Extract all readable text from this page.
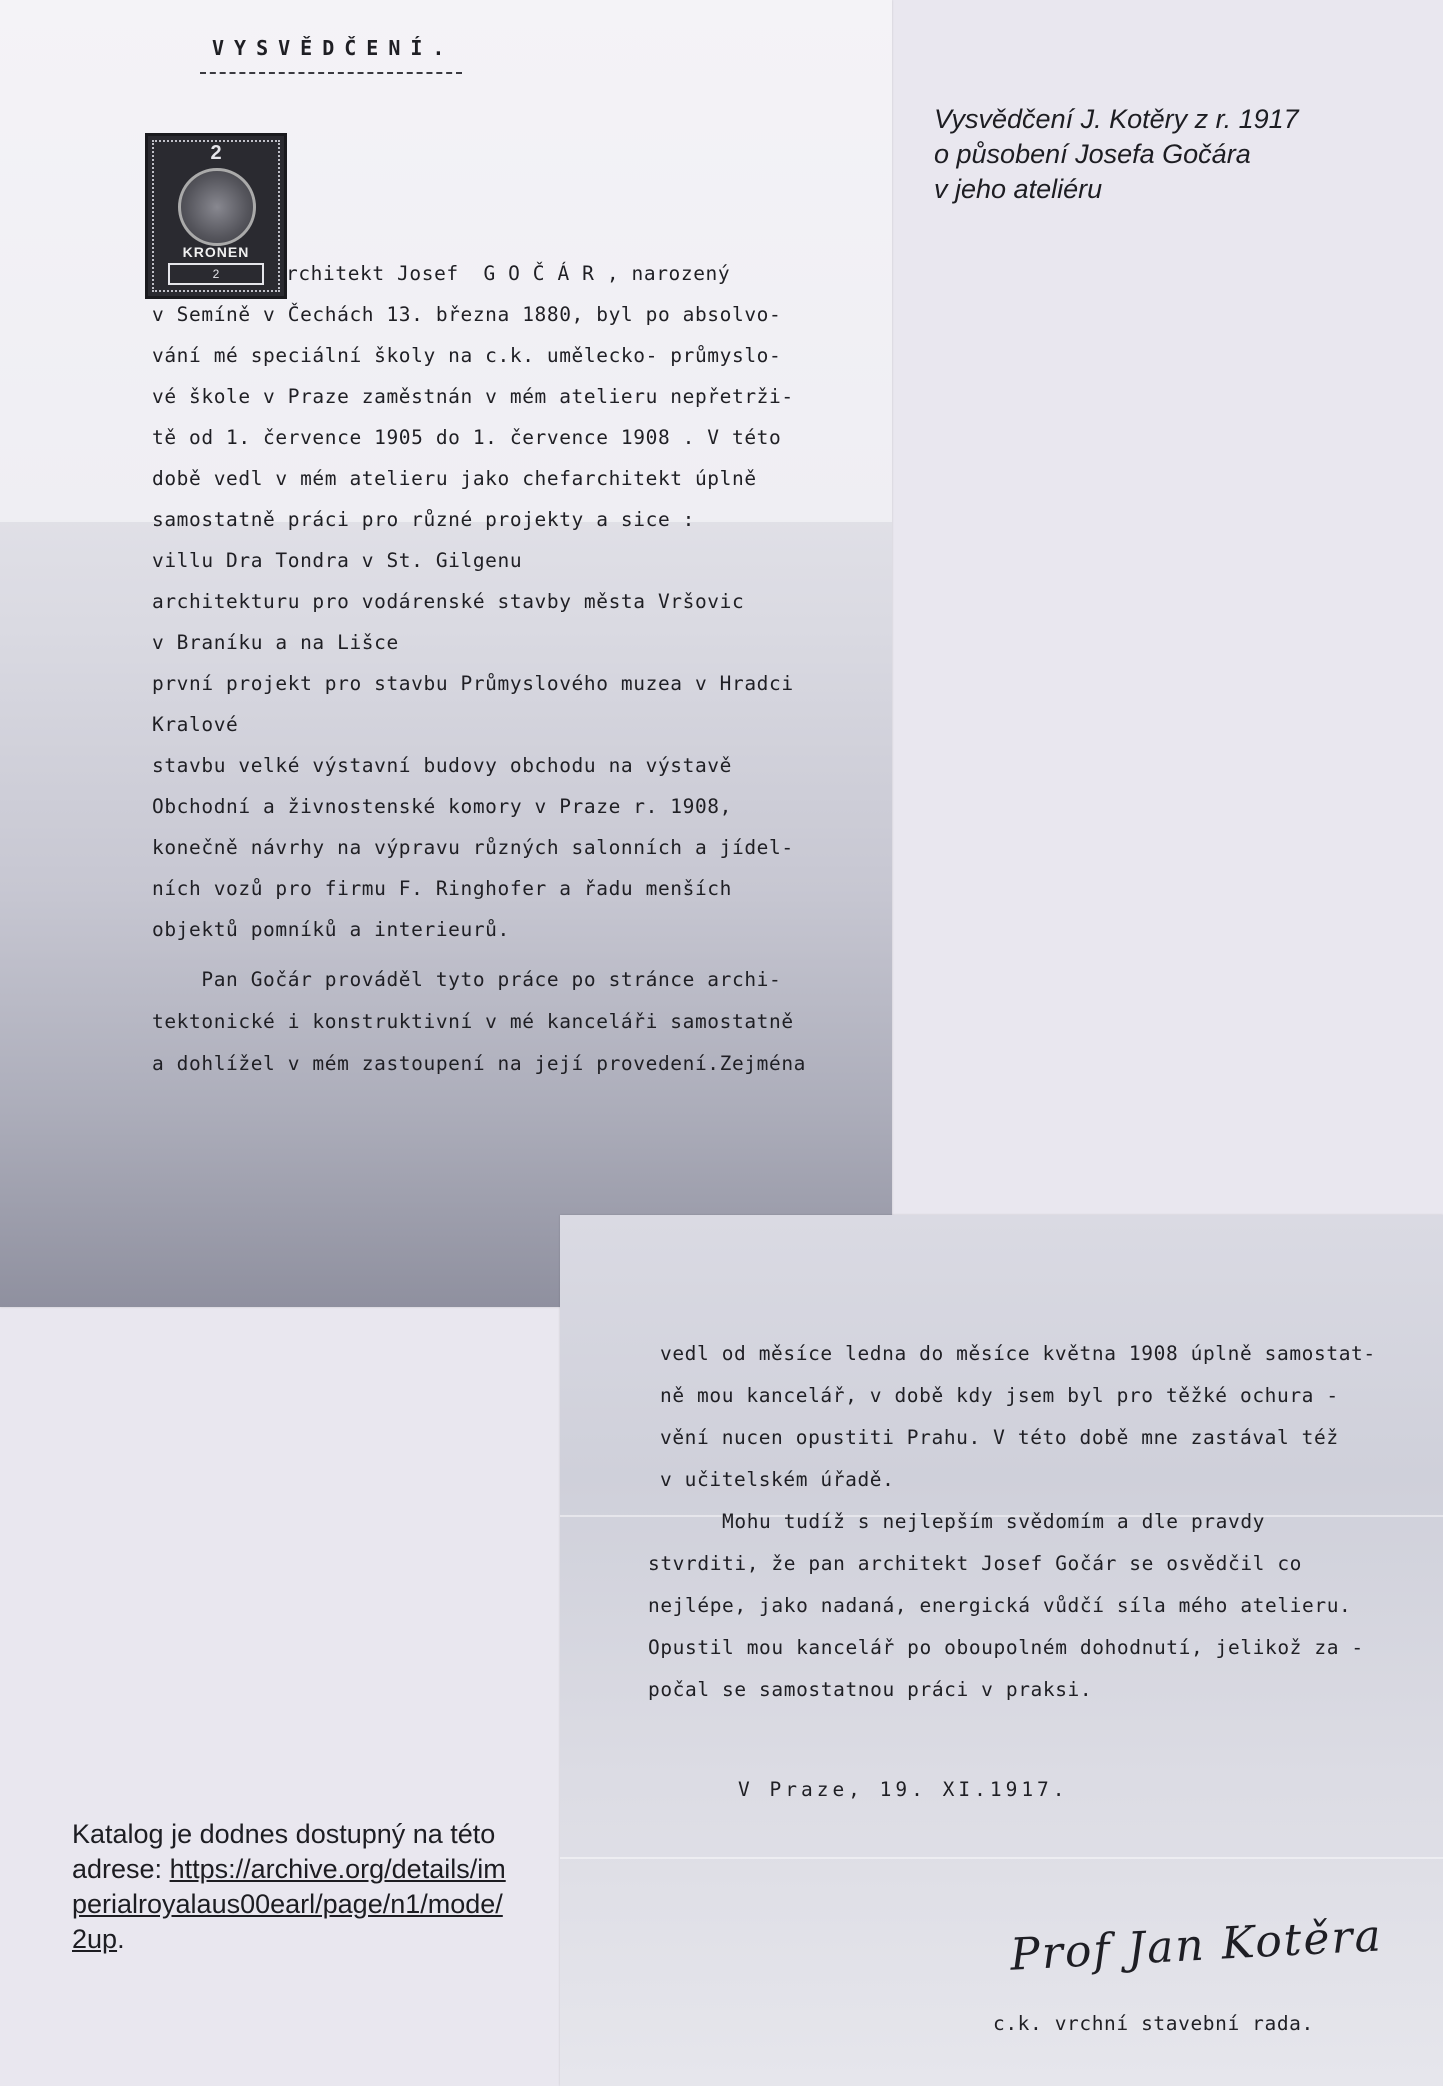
Vysvědčení J. Kotěry z r. 1917
o působení Josefa Gočára
v jeho ateliéru
VYSVĚDČENÍ.
2
KRONEN
2	rchitekt Josef  G O Č Á R , narozený
v Semíně v Čechách 13. března 1880, byl po absolvo-
vání mé speciální školy na c.k. umělecko- průmyslo-
vé škole v Praze zaměstnán v mém atelieru nepřetrži-
tě od 1. července 1905 do 1. července 1908 . V této
době vedl v mém atelieru jako chefarchitekt úplně
samostatně práci pro různé projekty a sice :
villu Dra Tondra v St. Gilgenu
architekturu pro vodárenské stavby města Vršovic
v Braníku a na Lišce
první projekt pro stavbu Průmyslového muzea v Hradci
Kralové
stavbu velké výstavní budovy obchodu na výstavě
Obchodní a živnostenské komory v Praze r. 1908,
konečně návrhy na výpravu různých salonních a jídel-
ních vozů pro firmu F. Ringhofer a řadu menších
objektů pomníků a interieurů.
Pan Gočár prováděl tyto práce po stránce archi-
tektonické i konstruktivní v mé kanceláři samostatně
a dohlížel v mém zastoupení na její provedení.Zejména
vedl od měsíce ledna do měsíce května 1908 úplně samostat-
ně mou kancelář, v době kdy jsem byl pro těžké ochura -
vění nucen opustiti Prahu. V této době mne zastával též
v učitelském úřadě.
Mohu tudíž s nejlepším svědomím a dle pravdy
stvrditi, že pan architekt Josef Gočár se osvědčil co
nejlépe, jako nadaná, energická vůdčí síla mého atelieru.
Opustil mou kancelář po oboupolném dohodnutí, jelikož za -
počal se samostatnou práci v praksi.
V Praze, 19. XI.1917.
Prof Jan Kotěra
c.k. vrchní stavební rada.
Katalog je dodnes dostupný na této adrese: https://archive.org/details/imperialroyalaus00earl/page/n1/mode/2up.
